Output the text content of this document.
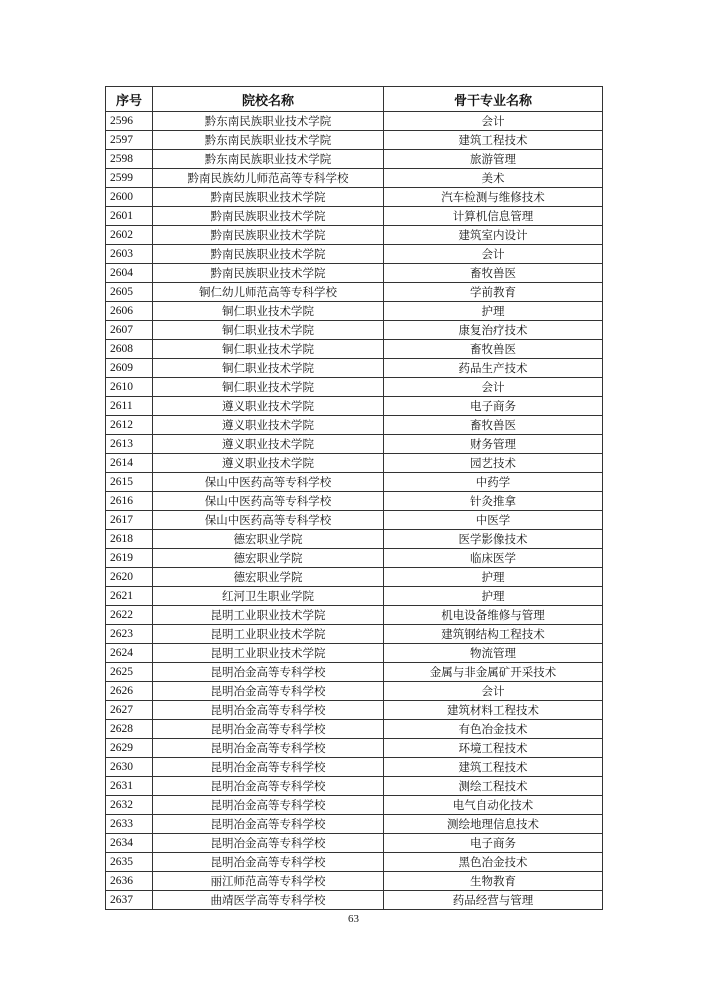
序号	院校名称	骨干专业名称
2596	黔东南民族职业技术学院	会计
2597	黔东南民族职业技术学院	建筑工程技术
2598	黔东南民族职业技术学院	旅游管理
2599	黔南民族幼儿师范高等专科学校	美术
2600	黔南民族职业技术学院	汽车检测与维修技术
2601	黔南民族职业技术学院	计算机信息管理
2602	黔南民族职业技术学院	建筑室内设计
2603	黔南民族职业技术学院	会计
2604	黔南民族职业技术学院	畜牧兽医
2605	铜仁幼儿师范高等专科学校	学前教育
2606	铜仁职业技术学院	护理
2607	铜仁职业技术学院	康复治疗技术
2608	铜仁职业技术学院	畜牧兽医
2609	铜仁职业技术学院	药品生产技术
2610	铜仁职业技术学院	会计
2611	遵义职业技术学院	电子商务
2612	遵义职业技术学院	畜牧兽医
2613	遵义职业技术学院	财务管理
2614	遵义职业技术学院	园艺技术
2615	保山中医药高等专科学校	中药学
2616	保山中医药高等专科学校	针灸推拿
2617	保山中医药高等专科学校	中医学
2618	德宏职业学院	医学影像技术
2619	德宏职业学院	临床医学
2620	德宏职业学院	护理
2621	红河卫生职业学院	护理
2622	昆明工业职业技术学院	机电设备维修与管理
2623	昆明工业职业技术学院	建筑钢结构工程技术
2624	昆明工业职业技术学院	物流管理
2625	昆明冶金高等专科学校	金属与非金属矿开采技术
2626	昆明冶金高等专科学校	会计
2627	昆明冶金高等专科学校	建筑材料工程技术
2628	昆明冶金高等专科学校	有色冶金技术
2629	昆明冶金高等专科学校	环境工程技术
2630	昆明冶金高等专科学校	建筑工程技术
2631	昆明冶金高等专科学校	测绘工程技术
2632	昆明冶金高等专科学校	电气自动化技术
2633	昆明冶金高等专科学校	测绘地理信息技术
2634	昆明冶金高等专科学校	电子商务
2635	昆明冶金高等专科学校	黑色冶金技术
2636	丽江师范高等专科学校	生物教育
2637	曲靖医学高等专科学校	药品经营与管理
63
